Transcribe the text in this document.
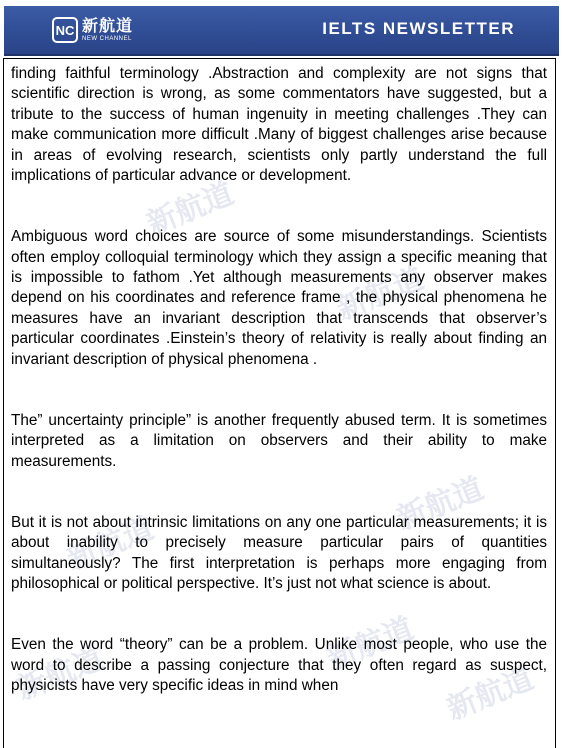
NC 新航道
NEW CHANNEL
IELTS NEWSLETTER
新航道
新航道
新航道
新航道
新航道
新航道	新航道

finding faithful terminology .Abstraction and complexity are not signs that scientific direction is wrong, as some commentators have suggested, but a tribute to the success of human ingenuity in meeting challenges .They can make communication more difficult .Many of biggest challenges arise because in areas of evolving research, scientists only partly understand the full implications of particular advance or development.

Ambiguous word choices are source of some misunderstandings. Scientists often employ colloquial terminology which they assign a specific meaning that is impossible to fathom .Yet although measurements any observer makes depend on his coordinates and reference frame , the physical phenomena he measures have an invariant description that transcends that observer’s particular coordinates .Einstein’s theory of relativity is really about finding an invariant description of physical phenomena .

The” uncertainty principle” is another frequently abused term. It is sometimes interpreted as a limitation on observers and their ability to make measurements.

But it is not about intrinsic limitations on any one particular measurements; it is about inability to precisely measure particular pairs of quantities simultaneously? The first interpretation is perhaps more engaging from philosophical or political perspective. It’s just not what science is about.

Even the word “theory” can be a problem. Unlike most people, who use the word to describe a passing conjecture that they often regard as suspect, physicists have very specific ideas in mind when
